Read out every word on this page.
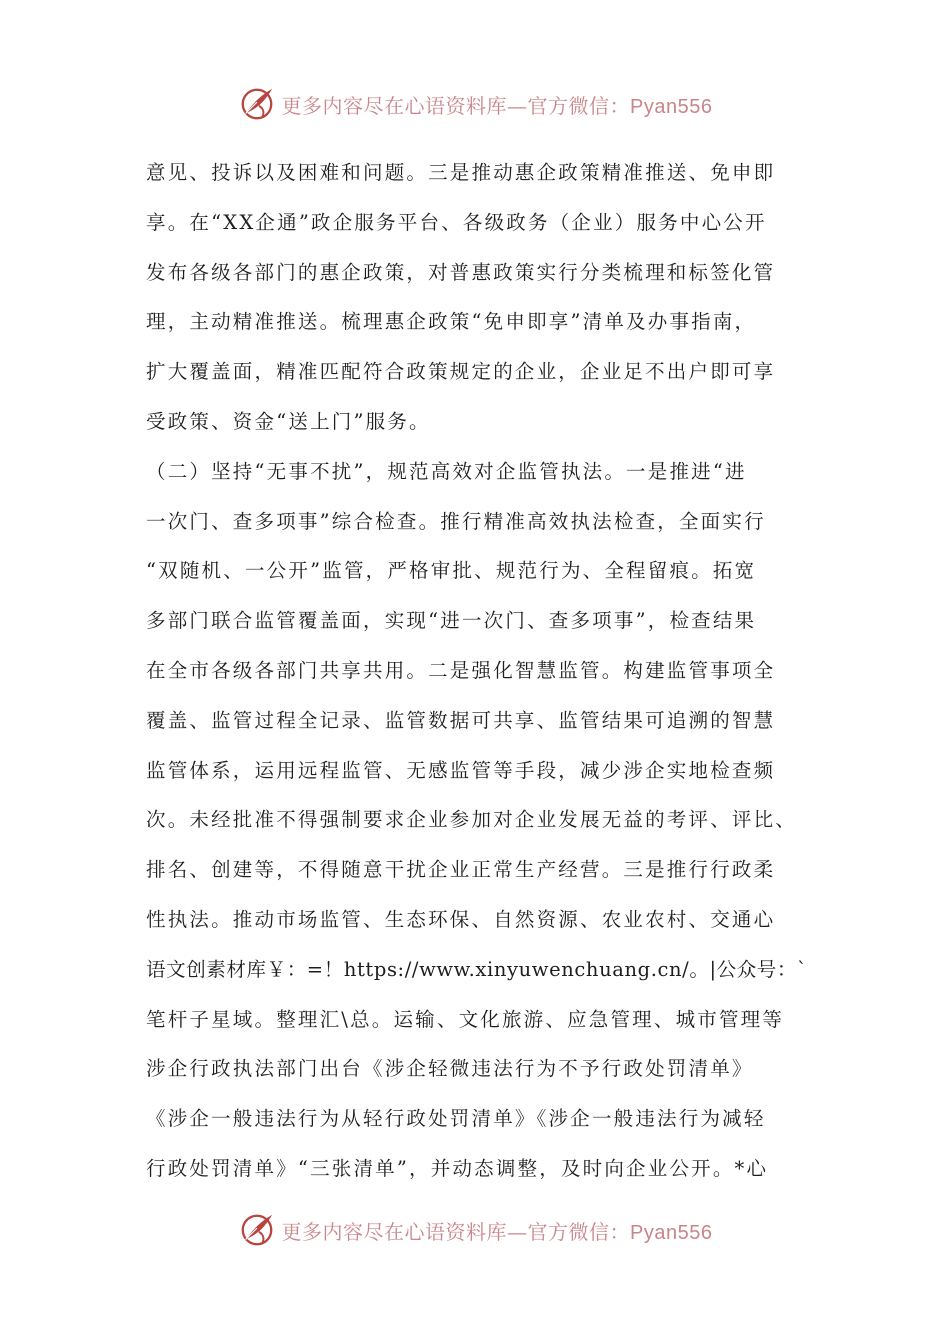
更多内容尽在心语资料库—官方微信：Pyan556
意见、投诉以及困难和问题。三是推动惠企政策精准推送、免申即
享。在“XX企通”政企服务平台、各级政务（企业）服务中心公开
发布各级各部门的惠企政策，对普惠政策实行分类梳理和标签化管
理，主动精准推送。梳理惠企政策“免申即享”清单及办事指南，
扩大覆盖面，精准匹配符合政策规定的企业，企业足不出户即可享
受政策、资金“送上门”服务。
（二）坚持“无事不扰”，规范高效对企监管执法。一是推进“进
一次门、查多项事”综合检查。推行精准高效执法检查，全面实行
“双随机、一公开”监管，严格审批、规范行为、全程留痕。拓宽
多部门联合监管覆盖面，实现“进一次门、查多项事”，检查结果
在全市各级各部门共享共用。二是强化智慧监管。构建监管事项全
覆盖、监管过程全记录、监管数据可共享、监管结果可追溯的智慧
监管体系，运用远程监管、无感监管等手段，减少涉企实地检查频
次。未经批准不得强制要求企业参加对企业发展无益的考评、评比、
排名、创建等，不得随意干扰企业正常生产经营。三是推行行政柔
性执法。推动市场监管、生态环保、自然资源、农业农村、交通心
语文创素材库￥：=！https://www.xinyuwenchuang.cn/。|公众号：`
笔杆子星域。整理汇\总。运输、文化旅游、应急管理、城市管理等
涉企行政执法部门出台《涉企轻微违法行为不予行政处罚清单》
《涉企一般违法行为从轻行政处罚清单》《涉企一般违法行为减轻
行政处罚清单》“三张清单”，并动态调整，及时向企业公开。*心
更多内容尽在心语资料库—官方微信：Pyan556
